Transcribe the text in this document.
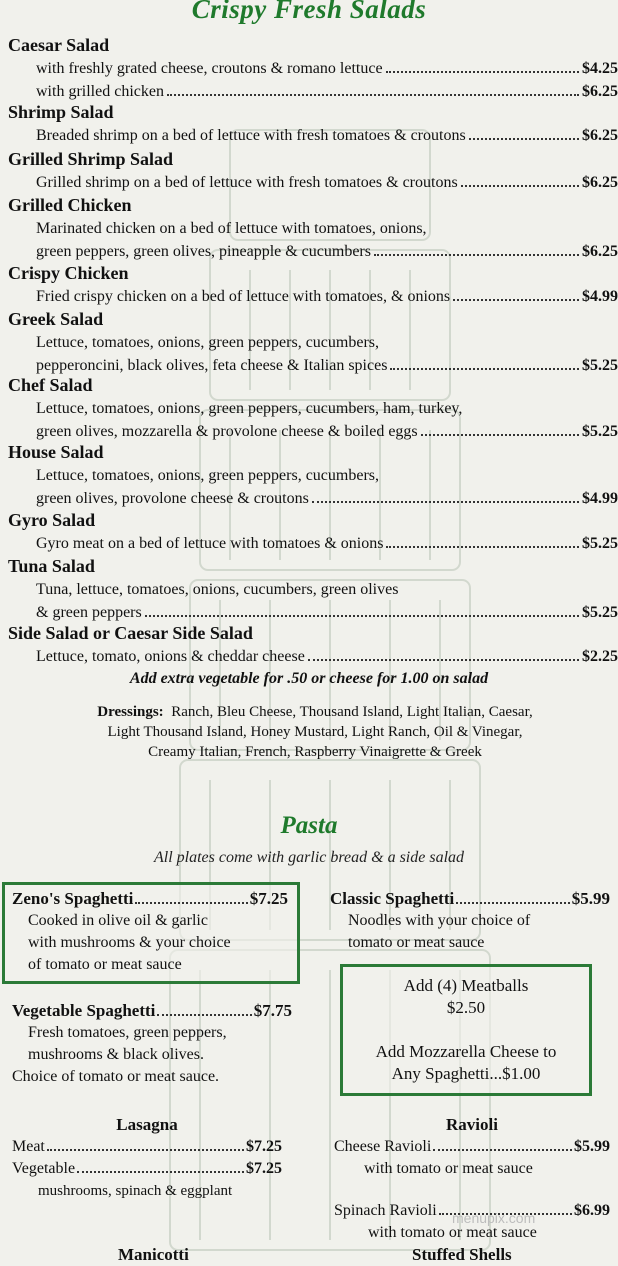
Crispy Fresh Salads
Caesar Salad
with freshly grated cheese, croutons & romano lettuce	$4.25
with grilled chicken	$6.25
Shrimp Salad
Breaded shrimp on a bed of lettuce with fresh tomatoes & croutons	$6.25
Grilled Shrimp Salad
Grilled shrimp on a bed of lettuce with fresh tomatoes & croutons	$6.25
Grilled Chicken
Marinated chicken on a bed of lettuce with tomatoes, onions,
green peppers, green olives, pineapple & cucumbers	$6.25
Crispy Chicken
Fried crispy chicken on a bed of lettuce with tomatoes, & onions	$4.99
Greek Salad
Lettuce, tomatoes, onions, green peppers, cucumbers,
pepperoncini, black olives, feta cheese & Italian spices	$5.25
Chef Salad
Lettuce, tomatoes, onions, green peppers, cucumbers, ham, turkey,
green olives, mozzarella & provolone cheese & boiled eggs	$5.25
House Salad
Lettuce, tomatoes, onions, green peppers, cucumbers,
green olives, provolone cheese & croutons	$4.99
Gyro Salad
Gyro meat on a bed of lettuce with tomatoes & onions	$5.25
Tuna Salad
Tuna, lettuce, tomatoes, onions, cucumbers, green olives
& green peppers	$5.25
Side Salad or Caesar Side Salad
Lettuce, tomato, onions & cheddar cheese	$2.25
Add extra vegetable for .50 or cheese for 1.00 on salad
Dressings: Ranch, Bleu Cheese, Thousand Island, Light Italian, Caesar,
Light Thousand Island, Honey Mustard, Light Ranch, Oil & Vinegar,
Creamy Italian, French, Raspberry Vinaigrette & Greek
Pasta
All plates come with garlic bread & a side salad
Zeno's Spaghetti	$7.25
Cooked in olive oil & garlic
with mushrooms & your choice
of tomato or meat sauce
Classic Spaghetti	$5.99
Noodles with your choice of
tomato or meat sauce
Add (4) Meatballs
$2.50
Add Mozzarella Cheese to
Any Spaghetti...$1.00
Vegetable Spaghetti	$7.75
Fresh tomatoes, green peppers,
mushrooms & black olives.
Choice of tomato or meat sauce.
Lasagna
Meat	$7.25
Vegetable	$7.25
mushrooms, spinach & eggplant
Ravioli
Cheese Ravioli	$5.99
with tomato or meat sauce
Spinach Ravioli	$6.99
with tomato or meat sauce
Manicotti	Stuffed Shells
menupix.com
